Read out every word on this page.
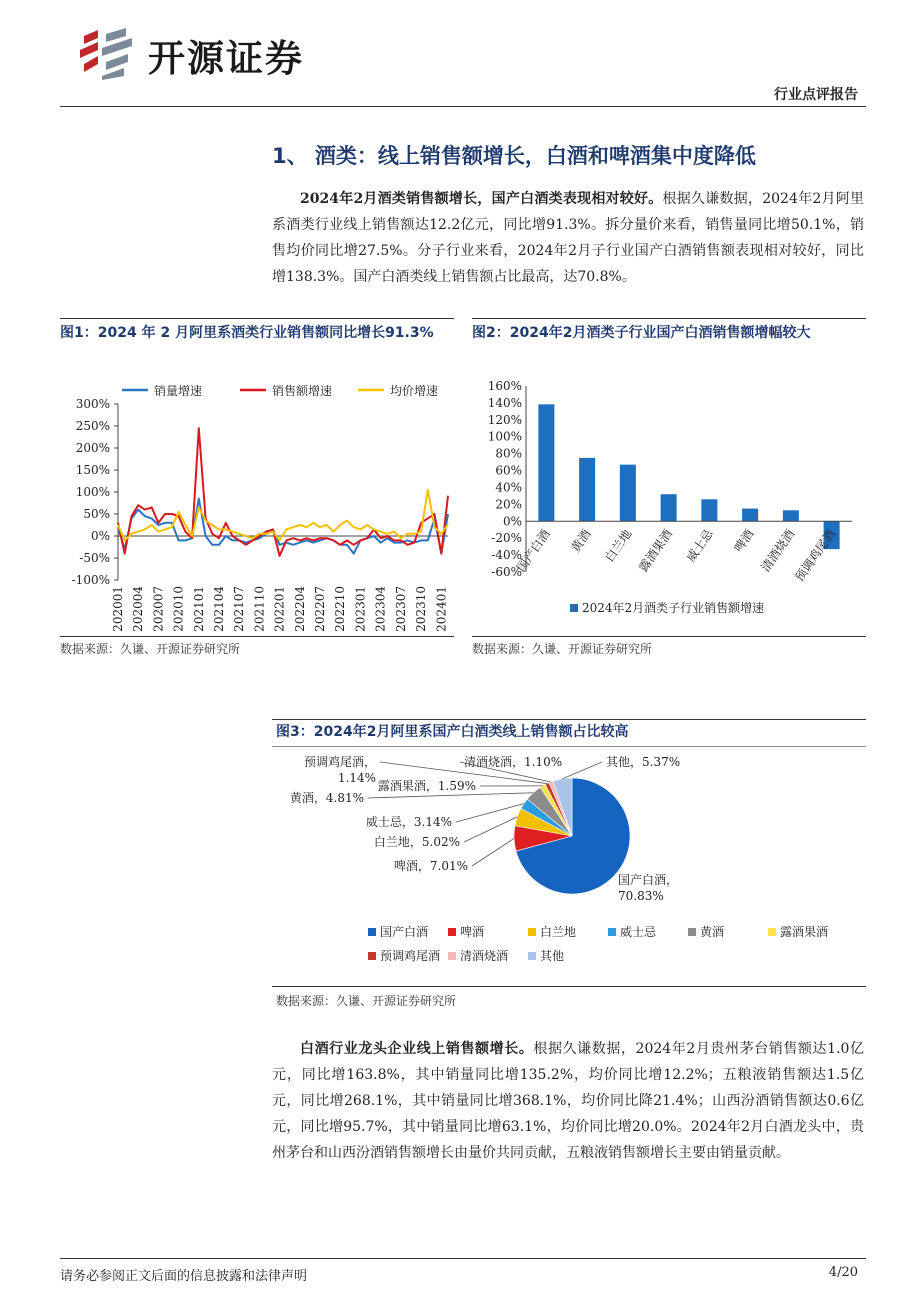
开源证券
行业点评报告
1、 酒类：线上销售额增长，白酒和啤酒集中度降低
2024年2月酒类销售额增长，国产白酒类表现相对较好。根据久谦数据，2024年2月阿里系酒类行业线上销售额达12.2亿元，同比增91.3%。拆分量价来看，销售量同比增50.1%，销售均价同比增27.5%。分子行业来看，2024年2月子行业国产白酒销售额表现相对较好，同比增138.3%。国产白酒类线上销售额占比最高，达70.8%。
图1：2024 年 2 月阿里系酒类行业销售额同比增长91.3%	图2：2024年2月酒类子行业国产白酒销售额增幅较大
销量增速	销售额增速	均价增速
-100%
-50%
0%
50%
100%
150%
200%
250%
300%
202001 202004 202007 202010 202101 202104 202107 202110 202201 202204 202207 202210 202301 202304 202307 202310 202401
数据来源：久谦、开源证券研究所
-60%
-40%
-20%
0%
20%
40%
60%
80%
100%
120%
140%
160%
国产白酒 黄酒 白兰地 露酒果酒 威士忌 啤酒 清酒烧酒
预调鸡尾酒
2024年2月酒类子行业销售额增速
数据来源：久谦、开源证券研究所
图3：2024年2月阿里系国产白酒类线上销售额占比较高
国产白酒，
70.83%
啤酒，7.01%
白兰地，5.02%
威士忌，3.14%
黄酒，4.81%
露酒果酒，1.59%
预调鸡尾酒，
1.14%
清酒烧酒，1.10%	其他，5.37%
国产白酒	啤酒	白兰地	威士忌	黄酒	露酒果酒
预调鸡尾酒 清酒烧酒	其他
数据来源：久谦、开源证券研究所
白酒行业龙头企业线上销售额增长。根据久谦数据，2024年2月贵州茅台销售额达1.0亿元，同比增163.8%，其中销量同比增135.2%，均价同比增12.2%；五粮液销售额达1.5亿元，同比增268.1%，其中销量同比增368.1%，均价同比降21.4%；山西汾酒销售额达0.6亿元，同比增95.7%，其中销量同比增63.1%，均价同比增20.0%。2024年2月白酒龙头中，贵州茅台和山西汾酒销售额增长由量价共同贡献，五粮液销售额增长主要由销量贡献。
请务必参阅正文后面的信息披露和法律声明	4/20
